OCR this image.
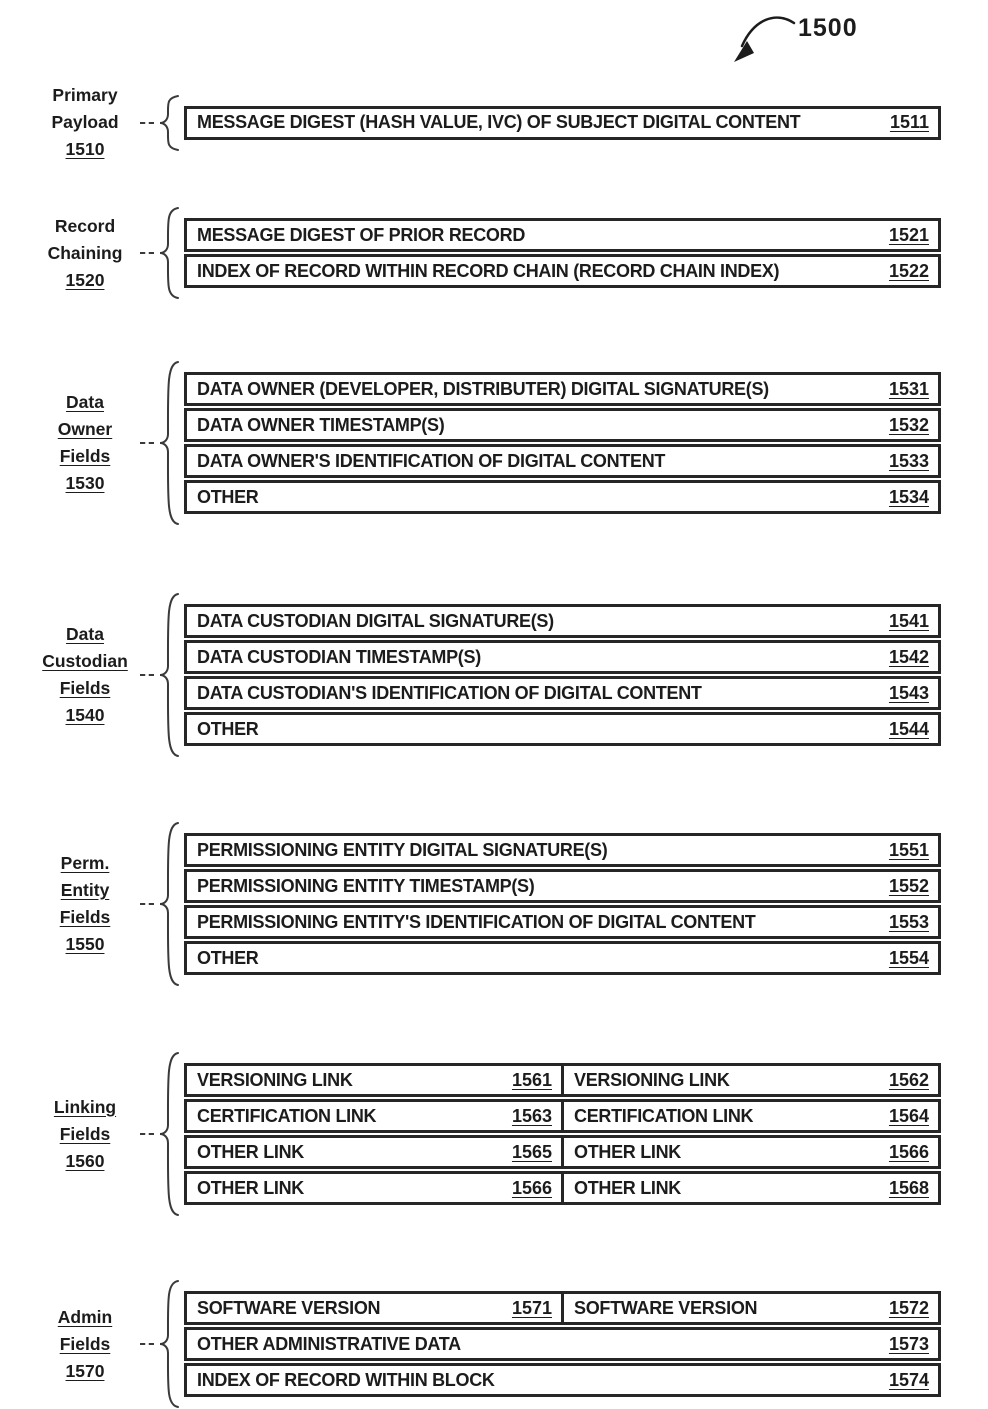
1500
Primary
Payload
1510
MESSAGE DIGEST (HASH VALUE, IVC) OF SUBJECT DIGITAL CONTENT	1511
Record
Chaining
1520
MESSAGE DIGEST OF PRIOR RECORD	1521
INDEX OF RECORD WITHIN RECORD CHAIN (RECORD CHAIN INDEX)	1522
Data
Owner
Fields
1530
DATA OWNER (DEVELOPER, DISTRIBUTER) DIGITAL SIGNATURE(S)	1531
DATA OWNER TIMESTAMP(S)	1532
DATA OWNER'S IDENTIFICATION OF DIGITAL CONTENT	1533
OTHER	1534
Data
Custodian
Fields
1540
DATA CUSTODIAN DIGITAL SIGNATURE(S)	1541
DATA CUSTODIAN TIMESTAMP(S)	1542
DATA CUSTODIAN'S IDENTIFICATION OF DIGITAL CONTENT	1543
OTHER	1544
Perm.
Entity
Fields
1550
PERMISSIONING ENTITY DIGITAL SIGNATURE(S)	1551
PERMISSIONING ENTITY TIMESTAMP(S)	1552
PERMISSIONING ENTITY'S IDENTIFICATION OF DIGITAL CONTENT	1553
OTHER	1554
Linking
Fields
1560
VERSIONING LINK	1561 VERSIONING LINK	1562
CERTIFICATION LINK	1563 CERTIFICATION LINK	1564
OTHER LINK	1565 OTHER LINK	1566
OTHER LINK	1566 OTHER LINK	1568
Admin
Fields
1570
SOFTWARE VERSION	1571 SOFTWARE VERSION	1572
OTHER ADMINISTRATIVE DATA	1573
INDEX OF RECORD WITHIN BLOCK	1574
